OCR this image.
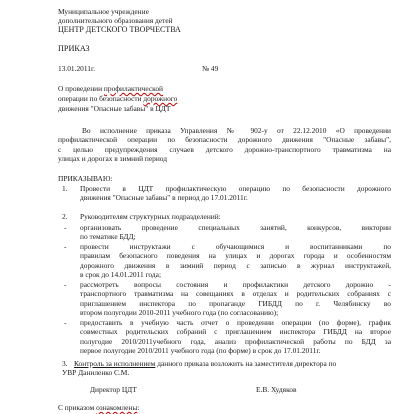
Муниципальное учреждение
дополнительного образования детей
ЦЕНТР ДЕТСКОГО ТВОРЧЕСТВА
ПРИКАЗ
13.01.2011г.	№ 49
О проведении профилактической
операции по безопасности дорожного
движения "Опасные забавы" в ЦДТ
Во исполнение приказа Управления № 902-у от 22.12.2010 «О проведении
профилактической операции по безопасности дорожного движения "Опасные забавы",
с целью предупреждения случаев детского дорожно-транспортного травматизма на
улицах и дорогах в зимний период
ПРИКАЗЫВАЮ:
1. Провести в ЦДТ профилактическую операцию по безопасности дорожного
движения "Опасные забавы" в период до 17.01.2011г.
2. Руководителям структурных подразделений:
- организовать проведение специальных занятий, конкурсов, викторин
по тематике БДД;
- провести инструктажи с обучающимися и воспитанниками по
правилам безопасного поведения на улицах и дорогах города и особенностям
дорожного движения в зимний период с записью в журнал инструктажей,
в срок до 14.01.2011 года;
- рассмотреть вопросы состояния и профилактики детского дорожно -
транспортного травматизма на совещаниях в отделах и родительских собраниях с
приглашением инспектора по пропаганде ГИБДД по г. Челябинску во
втором полугодии 2010-2011 учебного года (по согласованию);
- предоставить в учебную часть отчет о проведении операции (по форме), график
совместных родительских собраний с приглашением инспектора ГИБДД на второе
полугодие 2010/2011учебного года, анализ профилактической работы по БДД за
первое полугодие 2010/2011 учебного года (по форме) в срок до 17.01.2011г.
3. Контроль за исполнением данного приказа возложить на заместителя директора по
УВР Даниленко С.М.
Директор ЦДТ	Е.В. Худяков
С приказом ознакомлены:
